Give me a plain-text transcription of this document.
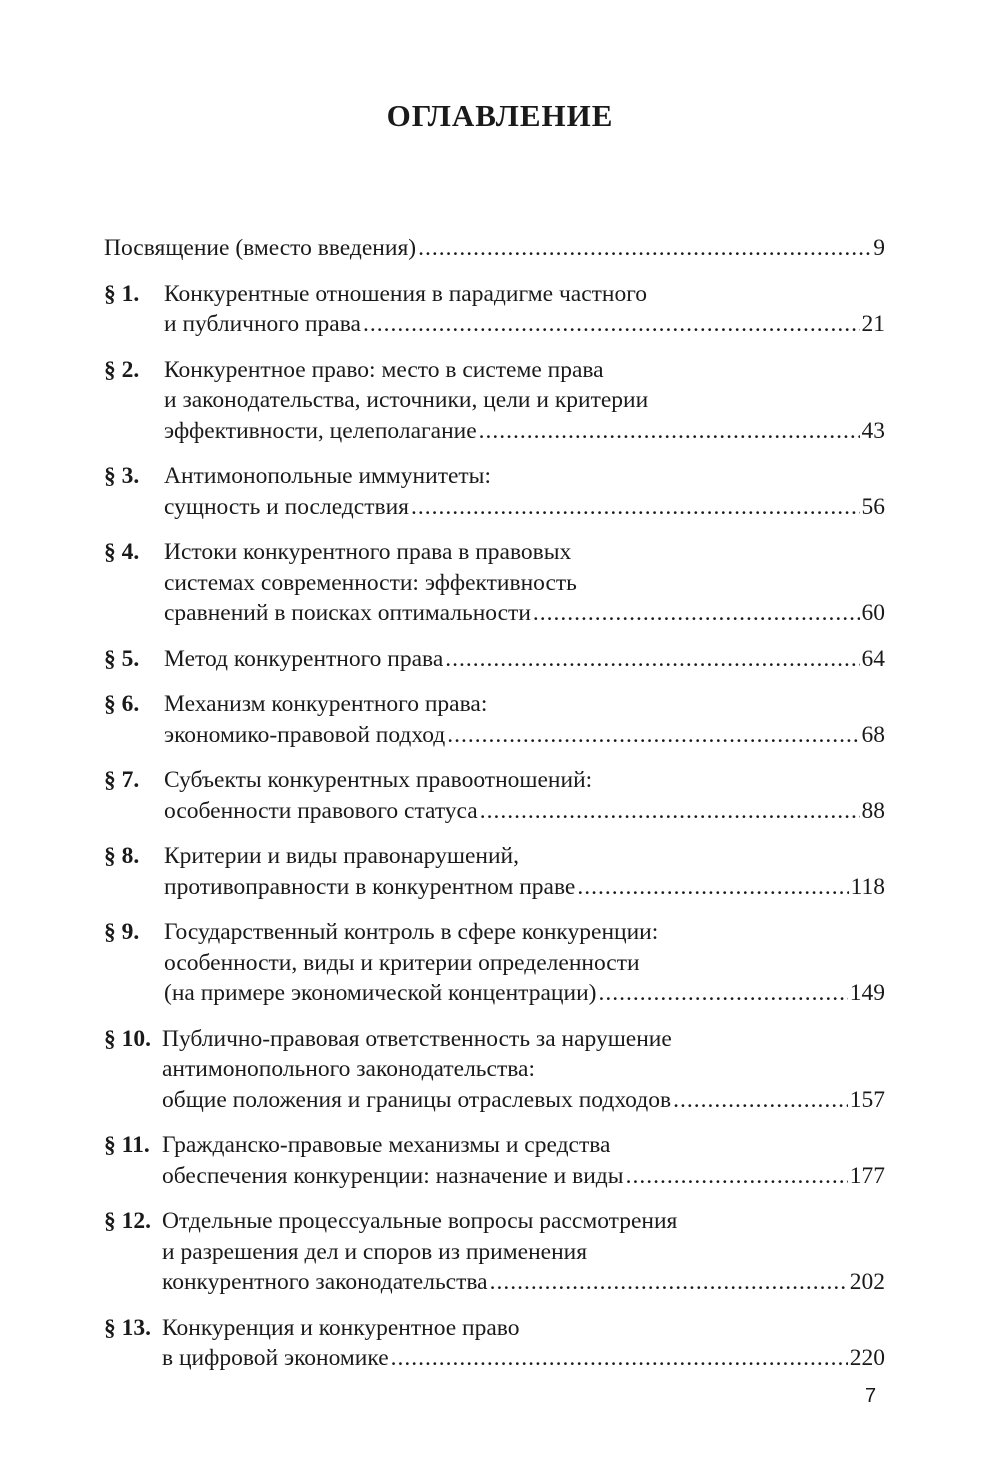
ОГЛАВЛЕНИЕ
Посвящение (вместо введения) .....	9
§ 1.	Конкурентные отношения в парадигме частного
и публичного права .....	21
§ 2.	Конкурентное право: место в системе права
и законодательства, источники, цели и критерии
эффективности, целеполагание .....	43
§ 3.	Антимонопольные иммунитеты:
сущность и последствия .....	56
§ 4.	Истоки конкурентного права в правовых
системах современности: эффективность
сравнений в поисках оптимальности .....	60
§ 5.	Метод конкурентного права .....	64
§ 6.	Механизм конкурентного права:
экономико-правовой подход .....	68
§ 7.	Субъекты конкурентных правоотношений:
особенности правового статуса .....	88
§ 8.	Критерии и виды правонарушений,
противоправности в конкурентном праве .....	118
§ 9.	Государственный контроль в сфере конкуренции:
особенности, виды и критерии определенности
(на примере экономической концентрации) .....	149
§ 10. Публично-правовая ответственность за нарушение
антимонопольного законодательства:
общие положения и границы отраслевых подходов .....	157
§ 11. Гражданско-правовые механизмы и средства
обеспечения конкуренции: назначение и виды .....	177
§ 12. Отдельные процессуальные вопросы рассмотрения
и разрешения дел и споров из применения
конкурентного законодательства .....	202
§ 13. Конкуренция и конкурентное право
в цифровой экономике .....	220
7
